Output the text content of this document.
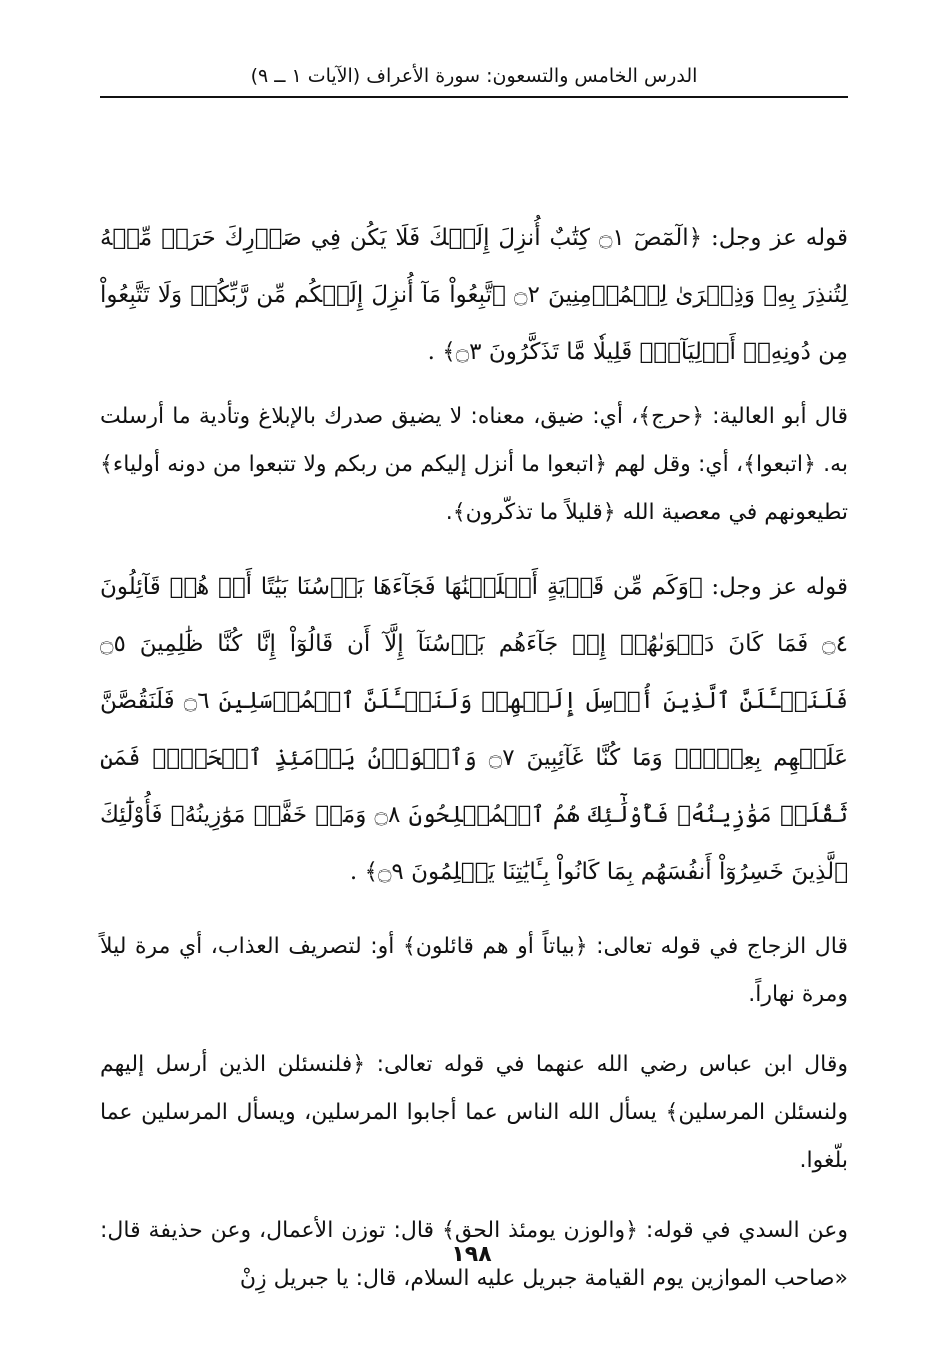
الدرس الخامس والتسعون: سورة الأعراف (الآيات ١ ــ ٩)

قوله عز وجل: ﴿الٓمٓصٓ ۝١ كِتَٰبٌ أُنزِلَ إِلَيۡكَ فَلَا يَكُن فِي صَدۡرِكَ حَرَجٞ مِّنۡهُ لِتُنذِرَ بِهِۦ وَذِكۡرَىٰ لِلۡمُؤۡمِنِينَ ۝٢ ٱتَّبِعُواْ مَآ أُنزِلَ إِلَيۡكُم مِّن رَّبِّكُمۡ وَلَا تَتَّبِعُواْ مِن دُونِهِۦٓ أَوۡلِيَآءَۗ قَلِيلٗا مَّا تَذَكَّرُونَ ۝٣﴾ .

قال أبو العالية: ﴿حرج﴾، أي: ضيق، معناه: لا يضيق صدرك بالإبلاغ وتأدية ما أرسلت به. ﴿اتبعوا﴾، أي: وقل لهم ﴿اتبعوا ما أنزل إليكم من ربكم ولا تتبعوا من دونه أولياء﴾ تطيعونهم في معصية الله ﴿قليلاً ما تذكّرون﴾.

قوله عز وجل: ﴿وَكَم مِّن قَرۡيَةٍ أَهۡلَكۡنَٰهَا فَجَآءَهَا بَأۡسُنَا بَيَٰتًا أَوۡ هُمۡ قَآئِلُونَ ۝٤ فَمَا كَانَ دَعۡوَىٰهُمۡ إِذۡ جَآءَهُم بَأۡسُنَآ إِلَّآ أَن قَالُوٓاْ إِنَّا كُنَّا ظَٰلِمِينَ ۝٥ فَلَنَسۡـَٔلَنَّ ٱلَّذِينَ أُرۡسِلَ إِلَيۡهِمۡ وَلَنَسۡـَٔلَنَّ ٱلۡمُرۡسَلِينَ ۝٦ فَلَنَقُصَّنَّ عَلَيۡهِم بِعِلۡمٖۖ وَمَا كُنَّا غَآئِبِينَ ۝٧ وَٱلۡوَزۡنُ يَوۡمَئِذٍ ٱلۡحَقُّۚ فَمَن ثَقُلَتۡ مَوَٰزِينُهُۥ فَأُوْلَٰٓئِكَ هُمُ ٱلۡمُفۡلِحُونَ ۝٨ وَمَنۡ خَفَّتۡ مَوَٰزِينُهُۥ فَأُوْلَٰٓئِكَ ٱلَّذِينَ خَسِرُوٓاْ أَنفُسَهُم بِمَا كَانُواْ بِـَٔايَٰتِنَا يَظۡلِمُونَ ۝٩﴾ .

قال الزجاج في قوله تعالى: ﴿بياتاً أو هم قائلون﴾ أو: لتصريف العذاب، أي مرة ليلاً ومرة نهاراً.

وقال ابن عباس رضي الله عنهما في قوله تعالى: ﴿فلنسئلن الذين أرسل إليهم ولنسئلن المرسلين﴾ يسأل الله الناس عما أجابوا المرسلين، ويسأل المرسلين عما بلّغوا.

وعن السدي في قوله: ﴿والوزن يومئذ الحق﴾ قال: توزن الأعمال، وعن حذيفة قال: «صاحب الموازين يوم القيامة جبريل عليه السلام، قال: يا جبريل زِنْ

١٩٨
